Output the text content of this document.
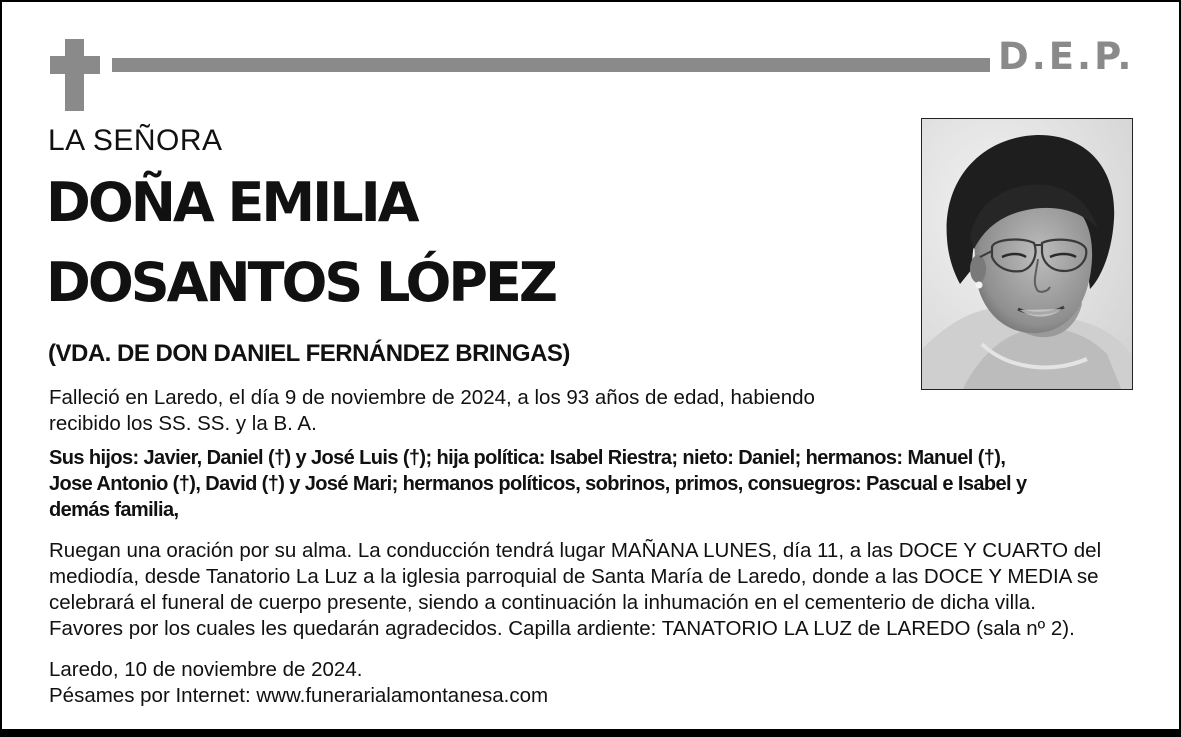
D.E.P.
LA SEÑORA
DOÑA EMILIA
DOSANTOS LÓPEZ
(VDA. DE DON DANIEL FERNÁNDEZ BRINGAS)

Falleció en Laredo, el día 9 de noviembre de 2024, a los 93 años de edad, habiendo
recibido los SS. SS. y la B. A.

Sus hijos: Javier, Daniel (†) y José Luis (†); hija política: Isabel Riestra; nieto: Daniel; hermanos: Manuel (†),
Jose Antonio (†), David (†) y José Mari; hermanos políticos, sobrinos, primos, consuegros: Pascual e Isabel y
demás familia,

Ruegan una oración por su alma. La conducción tendrá lugar MAÑANA LUNES, día 11, a las DOCE Y CUARTO del
mediodía, desde Tanatorio La Luz a la iglesia parroquial de Santa María de Laredo, donde a las DOCE Y MEDIA se
celebrará el funeral de cuerpo presente, siendo a continuación la inhumación en el cementerio de dicha villa.
Favores por los cuales les quedarán agradecidos. Capilla ardiente: TANATORIO LA LUZ de LAREDO (sala nº 2).

Laredo, 10 de noviembre de 2024.
Pésames por Internet: www.funerarialamontanesa.com
